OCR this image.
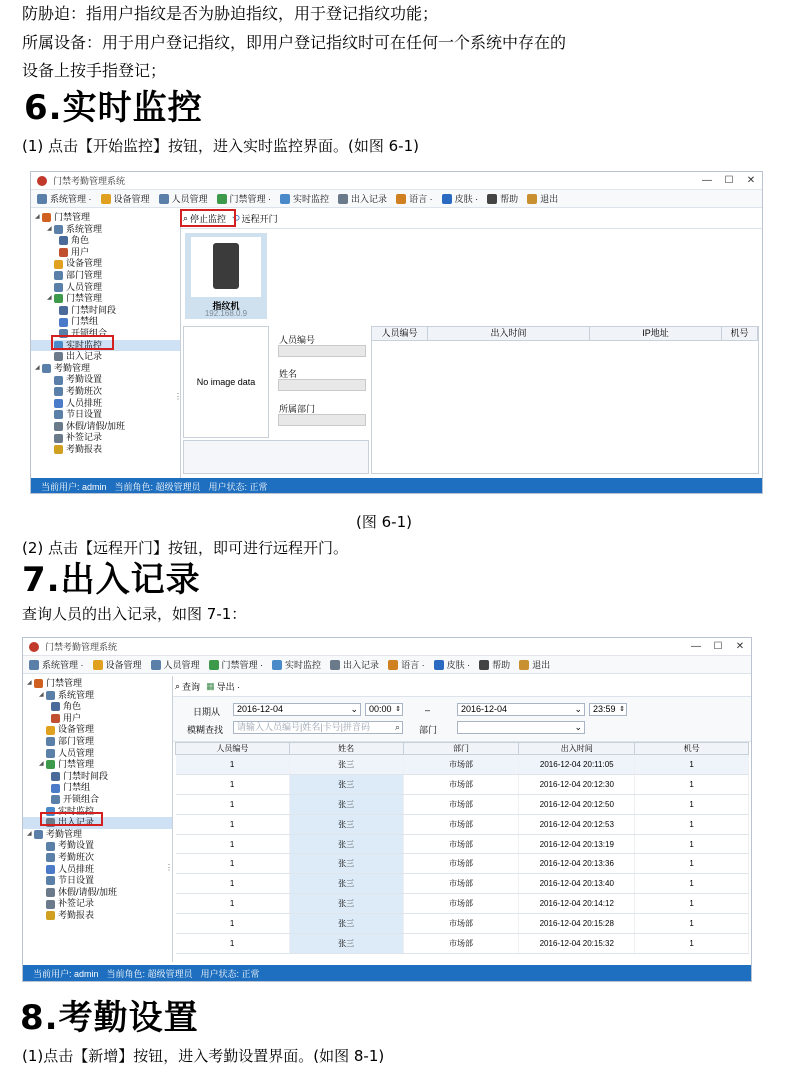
防胁迫：指用户指纹是否为胁迫指纹，用于登记指纹功能；
所属设备：用于用户登记指纹，即用户登记指纹时可在任何一个系统中存在的
设备上按手指登记；
6.实时监控
(1) 点击【开始监控】按钮，进入实时监控界面。(如图 6-1)
门禁考勤管理系统	—	☐	✕
系统管理 · 设备管理 人员管理 门禁管理 · 实时监控 出入记录 语言 · 皮肤 · 帮助 退出
◢ 门禁管理
◢ 系统管理
角色
用户
设备管理
部门管理
人员管理
◢ 门禁管理
门禁时间段
门禁组
开锁组合
实时监控
出入记录
◢ 考勤管理
考勤设置
考勤班次
人员排班
节日设置
休假/请假/加班
补签记录
考勤报表
⋮
⌕ 停止监控 ⟲ 远程开门
指纹机
192.168.0.9
No image data
人员编号
姓名
所属部门
人员编号	出入时间	IP地址	机号
当前用户: admin 当前角色: 超级管理员 用户状态: 正常
(图 6-1)
(2) 点击【远程开门】按钮，即可进行远程开门。
7.出入记录
查询人员的出入记录，如图 7-1：
门禁考勤管理系统	—	☐	✕
系统管理 · 设备管理 人员管理 门禁管理 · 实时监控 出入记录 语言 · 皮肤 · 帮助 退出
◢ 门禁管理
◢ 系统管理
角色
用户
设备管理
部门管理
人员管理
◢ 门禁管理
门禁时间段
门禁组
开锁组合
实时监控
出入记录
◢ 考勤管理
考勤设置
考勤班次
人员排班
节日设置
休假/请假/加班
补签记录
考勤报表
⋮
⌕ 查询 ▦ 导出 ·
日期从	2016-12-04	⌄	00:00 ⇕	–	2016-12-04	⌄	23:59 ⇕
模糊查找	请输入人员编号|姓名|卡号|拼音码	⌕ 部门	⌄
人员编号	姓名	部门	出入时间	机号
1	张三	市场部	2016-12-04 20:11:05	1
1	张三	市场部	2016-12-04 20:12:30	1
1	张三	市场部	2016-12-04 20:12:50	1
1	张三	市场部	2016-12-04 20:12:53	1
1	张三	市场部	2016-12-04 20:13:19	1
1	张三	市场部	2016-12-04 20:13:36	1
1	张三	市场部	2016-12-04 20:13:40	1
1	张三	市场部	2016-12-04 20:14:12	1
1	张三	市场部	2016-12-04 20:15:28	1
1	张三	市场部	2016-12-04 20:15:32	1
当前用户: admin 当前角色: 超级管理员 用户状态: 正常
8.考勤设置
(1)点击【新增】按钮，进入考勤设置界面。(如图 8-1)
